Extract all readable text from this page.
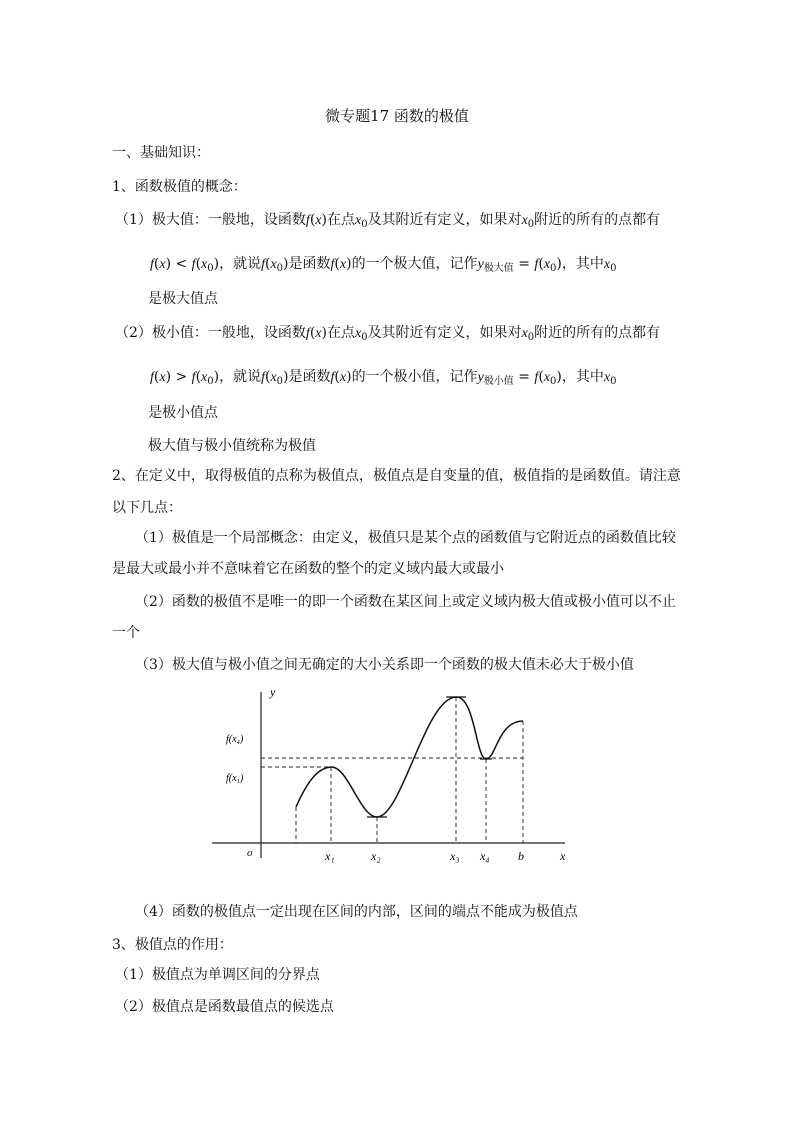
微专题17 函数的极值
一、基础知识：
1、函数极值的概念：
（1）极大值：一般地，设函数f(x)在点$x_0$及其附近有定义，如果对$x_0$附近的所有的点都有
$f(x) < f(x_0)$，就说$f(x_0)$是函数f(x)的一个极大值，记作$y_{极大值} = f(x_0)$，其中$x_0$
是极大值点
（2）极小值：一般地，设函数f(x)在点$x_0$及其附近有定义，如果对$x_0$附近的所有的点都有
$f(x) > f(x_0)$，就说$f(x_0)$是函数f(x)的一个极小值，记作$y_{极小值} = f(x_0)$，其中$x_0$
是极小值点
极大值与极小值统称为极值
2、在定义中，取得极值的点称为极值点，极值点是自变量的值，极值指的是函数值。请注意
以下几点：
（1）极值是一个局部概念：由定义，极值只是某个点的函数值与它附近点的函数值比较
是最大或最小并不意味着它在函数的整个的定义域内最大或最小
（2）函数的极值不是唯一的即一个函数在某区间上或定义域内极大值或极小值可以不止
一个
（3）极大值与极小值之间无确定的大小关系即一个函数的极大值未必大于极小值
y
x
o
f(x₄)
f(x₁)
x₁	x₂	x₃ x₄ b
（4）函数的极值点一定出现在区间的内部，区间的端点不能成为极值点
3、极值点的作用：
（1）极值点为单调区间的分界点
（2）极值点是函数最值点的候选点
